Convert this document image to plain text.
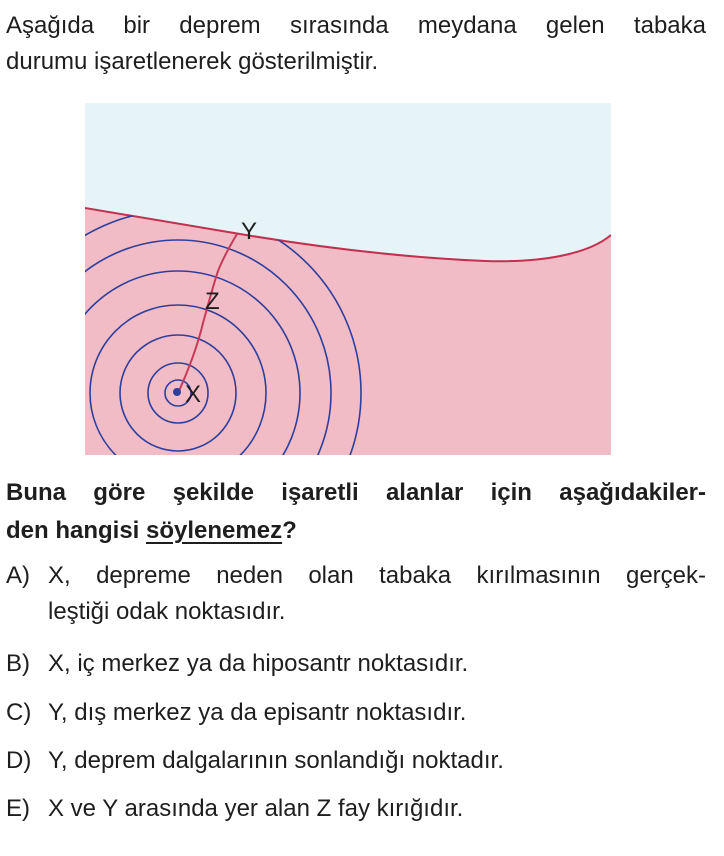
Aşağıda bir deprem sırasında meydana gelen tabaka
durumu işaretlenerek gösterilmiştir.
X
Y
Z
Buna göre şekilde işaretli alanlar için aşağıdakiler-
den hangisi söylenemez?
A) X, depreme neden olan tabaka kırılmasının gerçek-
leştiği odak noktasıdır.
B) X, iç merkez ya da hiposantr noktasıdır.
C) Y, dış merkez ya da episantr noktasıdır.
D) Y, deprem dalgalarının sonlandığı noktadır.
E) X ve Y arasında yer alan Z fay kırığıdır.
